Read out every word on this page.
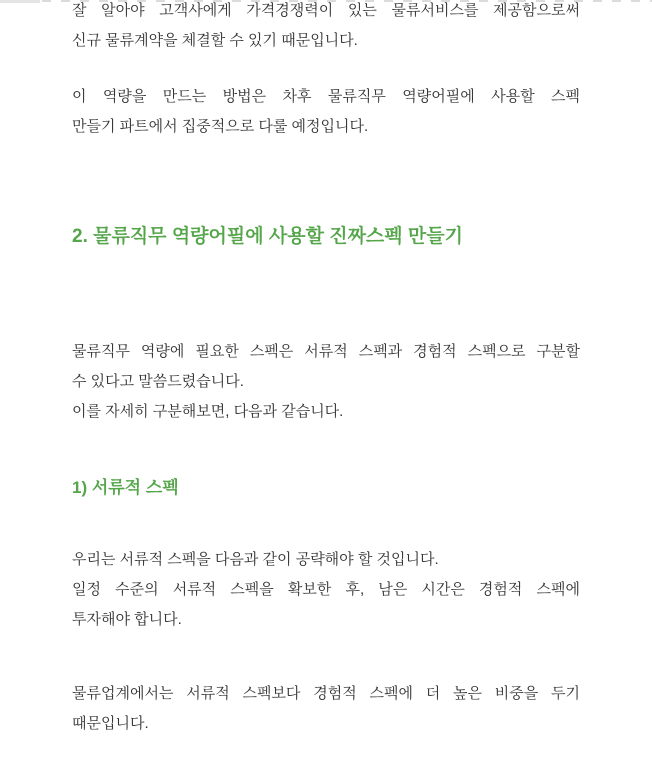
잘 알아야 고객사에게 가격경쟁력이 있는 물류서비스를 제공함으로써
신규 물류계약을 체결할 수 있기 때문입니다.
이 역량을 만드는 방법은 차후 물류직무 역량어필에 사용할 스펙
만들기 파트에서 집중적으로 다룰 예정입니다.
2. 물류직무 역량어필에 사용할 진짜스펙 만들기
물류직무 역량에 필요한 스펙은 서류적 스펙과 경험적 스펙으로 구분할
수 있다고 말씀드렸습니다.
이를 자세히 구분해보면, 다음과 같습니다.
1) 서류적 스펙
우리는 서류적 스펙을 다음과 같이 공략해야 할 것입니다.
일정 수준의 서류적 스펙을 확보한 후, 남은 시간은 경험적 스펙에
투자해야 합니다.
물류업계에서는 서류적 스펙보다 경험적 스펙에 더 높은 비중을 두기
때문입니다.
